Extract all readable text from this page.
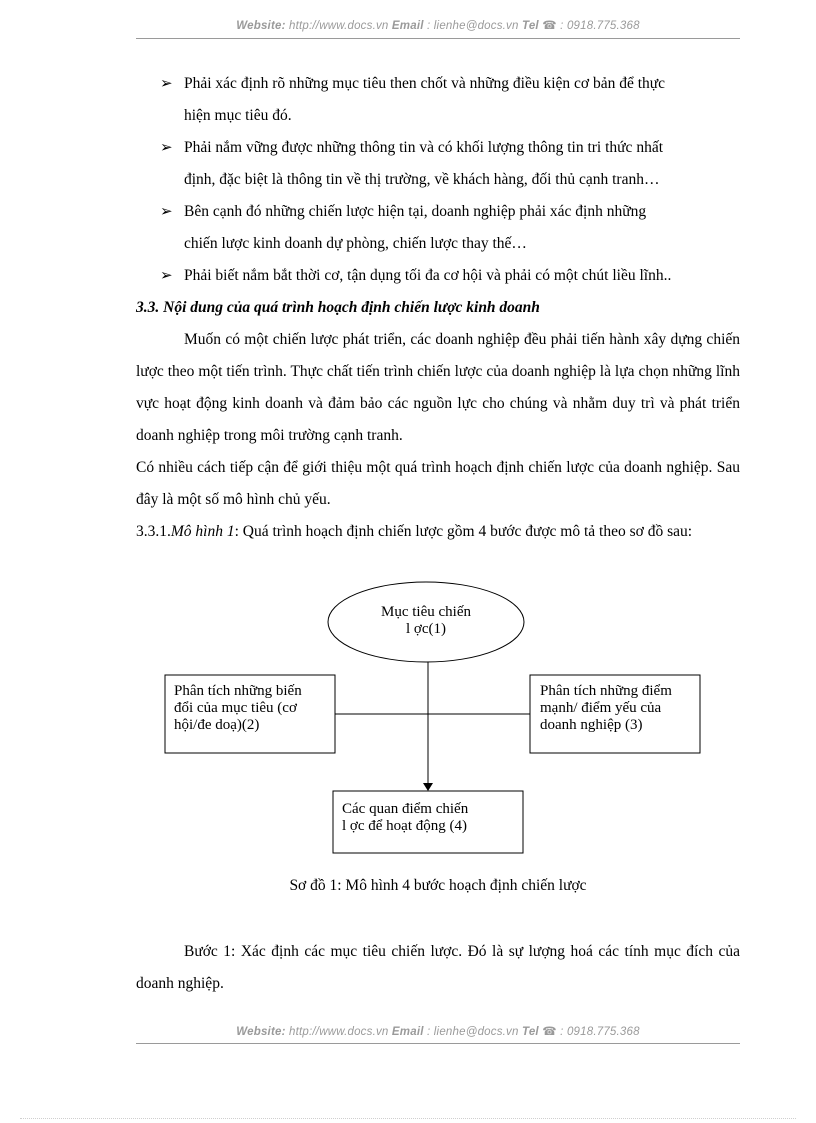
Website: http://www.docs.vn Email : lienhe@docs.vn Tel ☎ : 0918.775.368
➢ Phải xác định rõ những mục tiêu then chốt và những điều kiện cơ bản để thực
hiện mục tiêu đó.
➢ Phải nắm vững được những thông tin và có khối lượng thông tin tri thức nhất
định, đặc biệt là thông tin về thị trường, về khách hàng, đối thủ cạnh tranh…
➢ Bên cạnh đó những chiến lược hiện tại, doanh nghiệp phải xác định những
chiến lược kinh doanh dự phòng, chiến lược thay thế…
➢ Phải biết nắm bắt thời cơ, tận dụng tối đa cơ hội và phải có một chút liều lĩnh..
3.3. Nội dung của quá trình hoạch định chiến lược kinh doanh
Muốn có một chiến lược phát triển, các doanh nghiệp đều phải tiến hành xây dựng chiến lược theo một tiến trình. Thực chất tiến trình chiến lược của doanh nghiệp là lựa chọn những lĩnh vực hoạt động kinh doanh và đảm bảo các nguồn lực cho chúng và nhằm duy trì và phát triển doanh nghiệp trong môi trường cạnh tranh.
Có nhiều cách tiếp cận để giới thiệu một quá trình hoạch định chiến lược của doanh nghiệp. Sau đây là một số mô hình chủ yếu.
3.3.1.Mô hình 1: Quá trình hoạch định chiến lược gồm 4 bước được mô tả theo sơ đồ sau:
Mục tiêu chiến
l ợc(1)
Phân tích những biến
đổi của mục tiêu (cơ
hội/đe doạ)(2)
Phân tích những điểm
mạnh/ điểm yếu của
doanh nghiệp (3)
Các quan điểm chiến
l ợc để hoạt động (4)
Sơ đồ 1: Mô hình 4 bước hoạch định chiến lược
Bước 1: Xác định các mục tiêu chiến lược. Đó là sự lượng hoá các tính mục đích của doanh nghiệp.
Website: http://www.docs.vn Email : lienhe@docs.vn Tel ☎ : 0918.775.368
